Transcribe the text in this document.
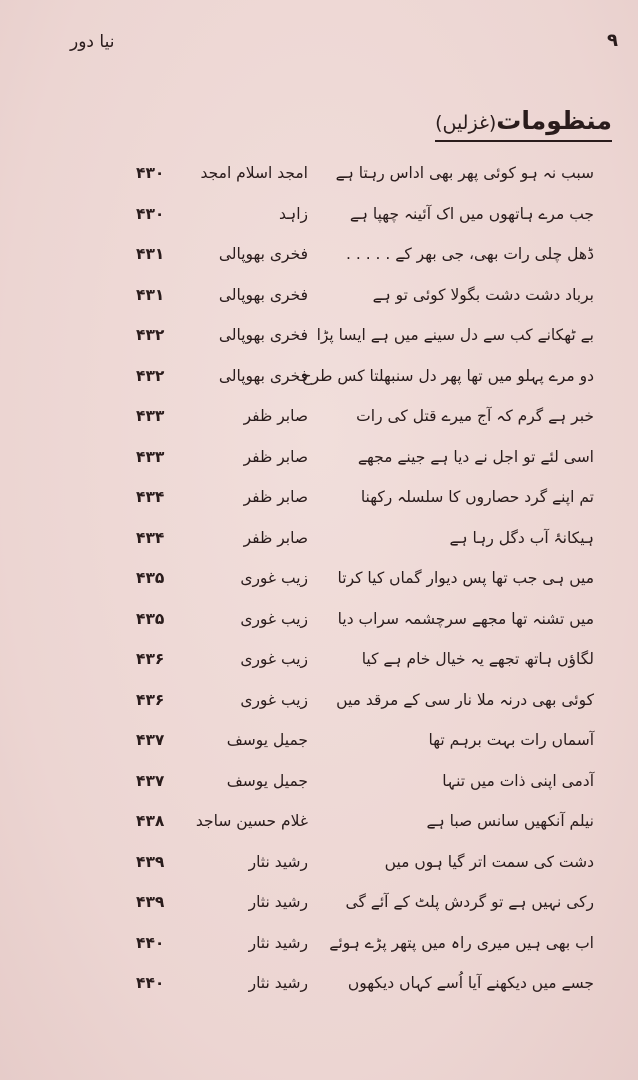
نیا دور	۹
منظومات(غزلیں)
سبب نہ ہو کوئی پھر بھی اداس رہتا ہے
امجد اسلام امجد
۴۳۰
جب مرے ہاتھوں میں اک آئینہ چھپا ہے
زاہد
۴۳۰
ڈھل چلی رات بھی، جی بھر کے . . . . .
فخری بھوپالی
۴۳۱
برباد دشت دشت بگولا کوئی تو ہے
فخری بھوپالی
۴۳۱
بے ٹھکانے کب سے دل سینے میں ہے ایسا پڑا
فخری بھوپالی
۴۳۲
دو مرے پہلو میں تھا پھر دل سنبھلتا کس طرح
فخری بھوپالی
۴۳۲
خبر ہے گرم کہ آج میرے قتل کی رات
صابر ظفر
۴۳۳
اسی لئے تو اجل نے دیا ہے جینے مجھے
صابر ظفر
۴۳۳
تم اپنے گرد حصاروں کا سلسلہ رکھنا
صابر ظفر
۴۳۴
ہیکانۂ آب دگل رہا ہے
صابر ظفر
۴۳۴
میں ہی جب تھا پس دیوار گماں کیا کرتا
زیب غوری
۴۳۵
میں تشنہ تھا مجھے سرچشمہ سراب دیا
زیب غوری
۴۳۵
لگاؤں ہاتھ تجھے یہ خیال خام ہے کیا
زیب غوری
۴۳۶
کوئی بھی درنہ ملا نار سی کے مرقد میں
زیب غوری
۴۳۶
آسماں رات بہت برہم تھا
جمیل یوسف
۴۳۷
آدمی اپنی ذات میں تنہا
جمیل یوسف
۴۳۷
نیلم آنکھیں سانس صبا ہے
غلام حسین ساجد
۴۳۸
دشت کی سمت اتر گیا ہوں میں
رشید نثار
۴۳۹
رکی نہیں ہے تو گردش پلٹ کے آئے گی
رشید نثار
۴۳۹
اب بھی ہیں میری راہ میں پتھر پڑے ہوئے
رشید نثار
۴۴۰
جسے میں دیکھنے آیا اُسے کہاں دیکھوں
رشید نثار
۴۴۰
